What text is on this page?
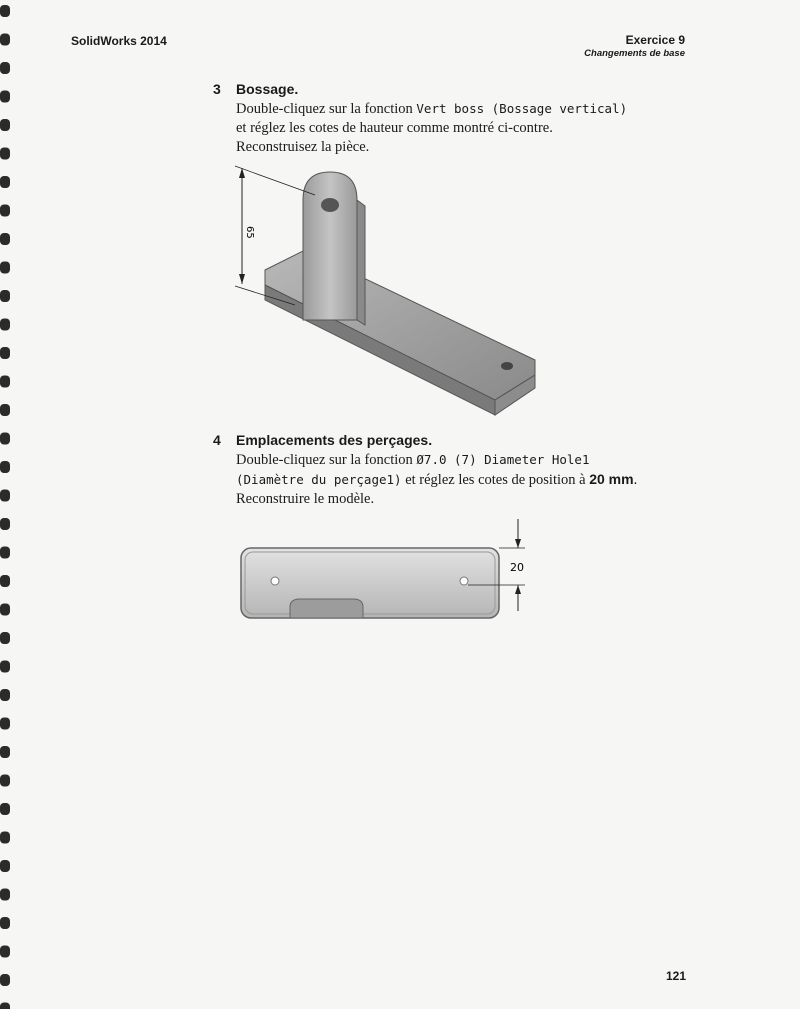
SolidWorks 2014	Exercice 9
Changements de base
3 Bossage.
Double-cliquez sur la fonction Vert boss (Bossage vertical)
et réglez les cotes de hauteur comme montré ci-contre.
Reconstruisez la pièce.
65
4 Emplacements des perçages.
Double-cliquez sur la fonction Ø7.0 (7) Diameter Hole1
(Diamètre du perçage1) et réglez les cotes de position à 20 mm.
Reconstruire le modèle.
20
121
